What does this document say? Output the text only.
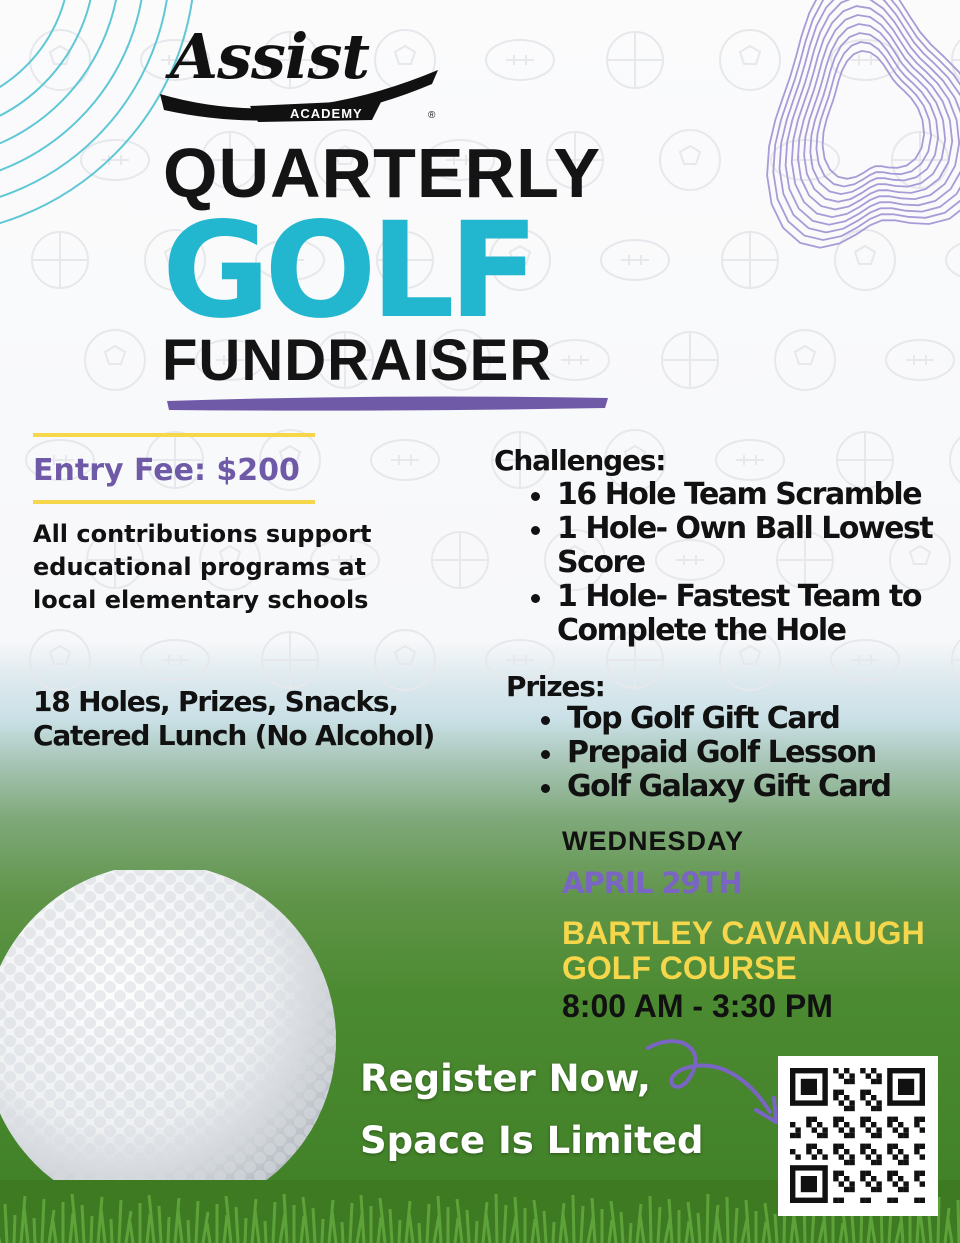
Assist
ACADEMY	®
QUARTERLY
GOLF
FUNDRAISER
Entry Fee: $200
All contributions support
educational programs at
local elementary schools
18 Holes, Prizes, Snacks,
Catered Lunch (No Alcohol)
Challenges:
16 Hole Team Scramble
1 Hole- Own Ball Lowest Score
1 Hole- Fastest Team to Complete the Hole
Prizes:
Top Golf Gift Card
Prepaid Golf Lesson
Golf Galaxy Gift Card
WEDNESDAY
APRIL 29TH
BARTLEY CAVANAUGH
GOLF COURSE
8:00 AM - 3:30 PM
Register Now,
Space Is Limited
